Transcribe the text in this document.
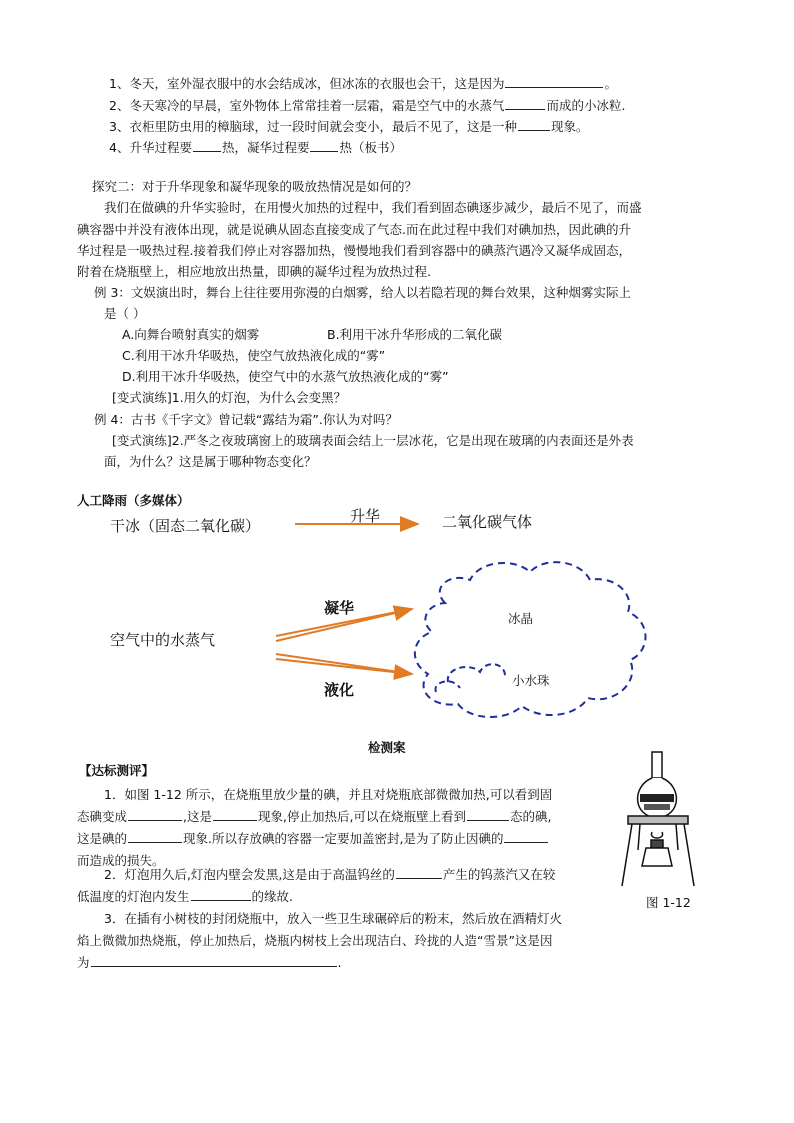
1、冬天，室外湿衣服中的水会结成冰，但冰冻的衣服也会干，这是因为	。
2、冬天寒冷的早晨，室外物体上常常挂着一层霜，霜是空气中的水蒸气	而成的小冰粒.
3、衣柜里防虫用的樟脑球，过一段时间就会变小，最后不见了，这是一种	现象。
4、升华过程要 热，凝华过程要 热（板书）
探究二：对于升华现象和凝华现象的吸放热情况是如何的？
我们在做碘的升华实验时，在用慢火加热的过程中，我们看到固态碘逐步减少，最后不见了，而盛
碘容器中并没有液体出现，就是说碘从固态直接变成了气态.而在此过程中我们对碘加热，因此碘的升
华过程是一吸热过程.接着我们停止对容器加热，慢慢地我们看到容器中的碘蒸汽遇冷又凝华成固态，
附着在烧瓶壁上，相应地放出热量，即碘的凝华过程为放热过程.
例 3：文娱演出时，舞台上往往要用弥漫的白烟雾，给人以若隐若现的舞台效果，这种烟雾实际上
是（ ）
A.向舞台喷射真实的烟雾	B.利用干冰升华形成的二氧化碳
C.利用干冰升华吸热，使空气放热液化成的“雾”
D.利用干冰升华吸热，使空气中的水蒸气放热液化成的“雾”
[变式演练]1.用久的灯泡，为什么会变黑？
例 4：古书《千字文》曾记载“露结为霜”.你认为对吗？
[变式演练]2.严冬之夜玻璃窗上的玻璃表面会结上一层冰花，它是出现在玻璃的内表面还是外表
面，为什么？这是属于哪种物态变化？
人工降雨（多媒体）
干冰（固态二氧化碳）
升华	二氧化碳气体
空气中的水蒸气
凝华
液化
冰晶
小水珠
检测案
【达标测评】
1．如图 1-12 所示，在烧瓶里放少量的碘，并且对烧瓶底部微微加热,可以看到固
态碘变成	,这是	现象,停止加热后,可以在烧瓶壁上看到	态的碘,
这是碘的	现象.所以存放碘的容器一定要加盖密封,是为了防止因碘的
而造成的损失。
2．灯泡用久后,灯泡内壁会发黑,这是由于高温钨丝的	产生的钨蒸汽又在较
低温度的灯泡内发生	的缘故.
3．在插有小树枝的封闭烧瓶中，放入一些卫生球碾碎后的粉末，然后放在酒精灯火
焰上微微加热烧瓶，停止加热后，烧瓶内树枝上会出现洁白、玲拢的人造“雪景”这是因
为	.
图 1-12
